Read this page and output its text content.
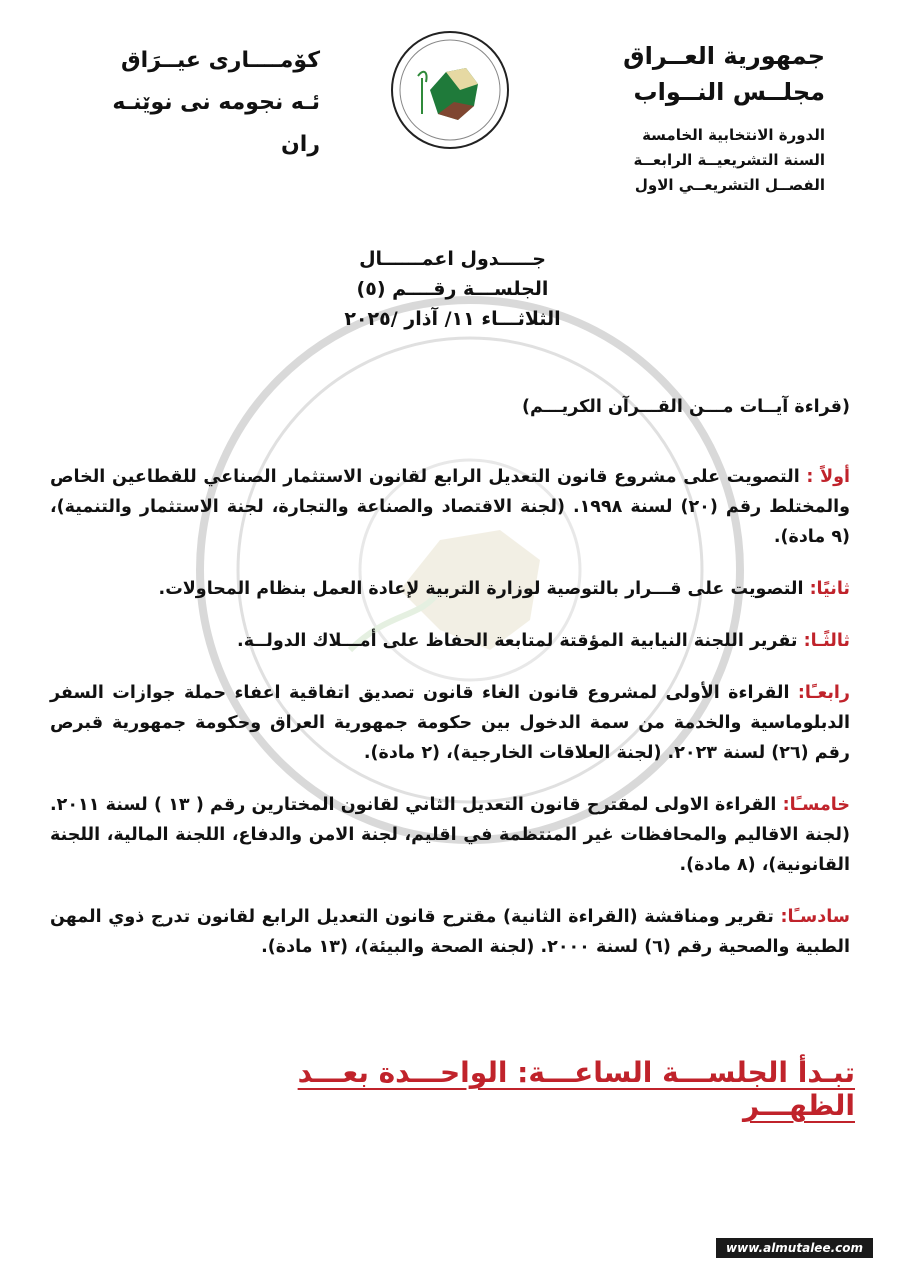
جمهورية العــراق
مجلــس النــواب
الدورة الانتخابية الخامسة
السنة التشريعيــة الرابعــة
الفصــل التشريعــي الاول
كۆمــــارى عيــرَاق
ئـه نجومه نى نوێنـه ران
جـــــدول اعمــــــال
الجلســـة رقــــم (٥)
الثلاثـــاء ١١/ آذار /٢٠٢٥
(قراءة آيــات مـــن القـــرآن الكريـــم)
أولاً : التصويت على مشروع قانون التعديل الرابع لقانون الاستثمار الصناعي للقطاعين الخاص والمختلط رقم (٢٠) لسنة ١٩٩٨. (لجنة الاقتصاد والصناعة والتجارة، لجنة الاستثمار والتنمية)، (٩ مادة).
ثانيًا: التصويت على قـــرار بالتوصية لوزارة التربية لإعادة العمل بنظام المحاولات.
ثالثًـا: تقرير اللجنة النيابية المؤقتة لمتابعة الحفاظ على أمـــلاك الدولــة.
رابعـًا: القراءة الأولى لمشروع قانون الغاء قانون تصديق اتفاقية اعفاء حملة جوازات السفر الدبلوماسية والخدمة من سمة الدخول بين حكومة جمهورية العراق وحكومة جمهورية قبرص رقم (٢٦) لسنة ٢٠٢٣. (لجنة العلاقات الخارجية)، (٢ مادة).
خامسـًا: القراءة الاولى لمقترح قانون التعديل الثاني لقانون المختارين رقم ( ١٣ ) لسنة ٢٠١١. (لجنة الاقاليم والمحافظات غير المنتظمة في اقليم، لجنة الامن والدفاع، اللجنة المالية، اللجنة القانونية)، (٨ مادة).
سادسـًا: تقرير ومناقشة (القراءة الثانية) مقترح قانون التعديل الرابع لقانون تدرج ذوي المهن الطبية والصحية رقم (٦) لسنة ٢٠٠٠. (لجنة الصحة والبيئة)، (١٣ مادة).
تبـدأ الجلســـة الساعـــة: الواحـــدة بعـــد الظهـــر
www.almutalee.com
